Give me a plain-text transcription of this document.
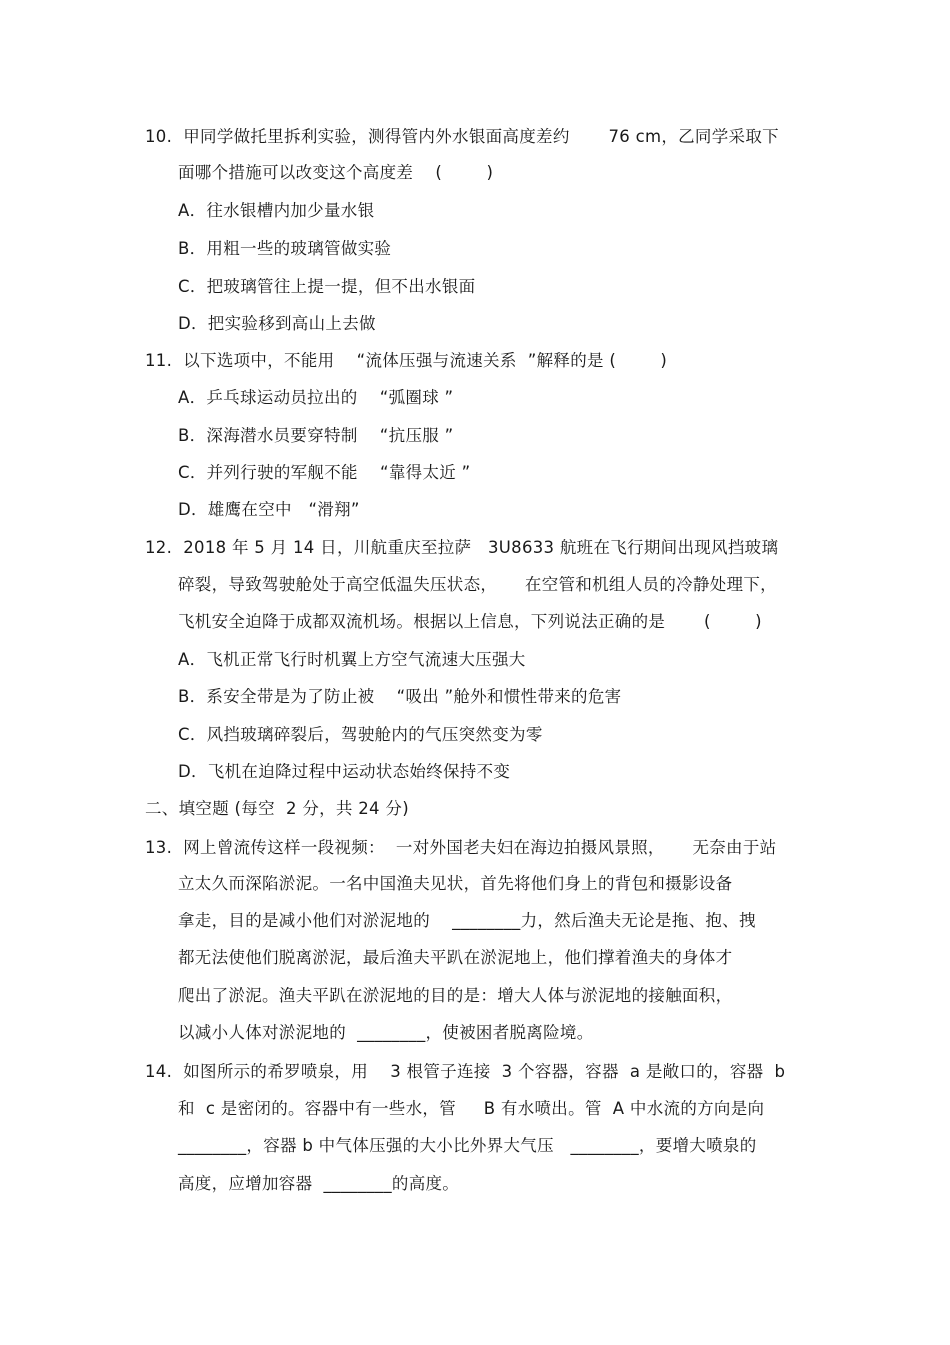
10.  甲同学做托里拆利实验，测得管内外水银面高度差约       76 cm，乙同学采取下
面哪个措施可以改变这个高度差    (        )
A．往水银槽内加少量水银
B．用粗一些的玻璃管做实验
C．把玻璃管往上提一提，但不出水银面
D．把实验移到高山上去做
11.  以下选项中，不能用    “流体压强与流速关系  ”解释的是 (        )
A．乒乓球运动员拉出的    “弧圈球 ”
B．深海潜水员要穿特制    “抗压服 ”
C．并列行驶的军舰不能    “靠得太近 ”
D．雄鹰在空中   “滑翔”
12.  2018 年 5 月 14 日，川航重庆至拉萨   3U8633 航班在飞行期间出现风挡玻璃
碎裂，导致驾驶舱处于高空低温失压状态，     在空管和机组人员的冷静处理下，
飞机安全迫降于成都双流机场。根据以上信息，下列说法正确的是       (        )
A．飞机正常飞行时机翼上方空气流速大压强大
B．系安全带是为了防止被    “吸出 ”舱外和惯性带来的危害
C．风挡玻璃碎裂后，驾驶舱内的气压突然变为零
D．飞机在迫降过程中运动状态始终保持不变
二、填空题 (每空  2 分，共 24 分)
13.  网上曾流传这样一段视频：  一对外国老夫妇在海边拍摄风景照，     无奈由于站
立太久而深陷淤泥。一名中国渔夫见状，首先将他们身上的背包和摄影设备
拿走，目的是减小他们对淤泥地的    ________力，然后渔夫无论是拖、抱、拽
都无法使他们脱离淤泥，最后渔夫平趴在淤泥地上，他们撑着渔夫的身体才
爬出了淤泥。渔夫平趴在淤泥地的目的是：增大人体与淤泥地的接触面积，
以减小人体对淤泥地的  ________，使被困者脱离险境。
14.  如图所示的希罗喷泉，用    3 根管子连接  3 个容器，容器  a 是敞口的，容器  b
和  c 是密闭的。容器中有一些水，管     B 有水喷出。管  A 中水流的方向是向
________，容器 b 中气体压强的大小比外界大气压   ________，要增大喷泉的
高度，应增加容器  ________的高度。
